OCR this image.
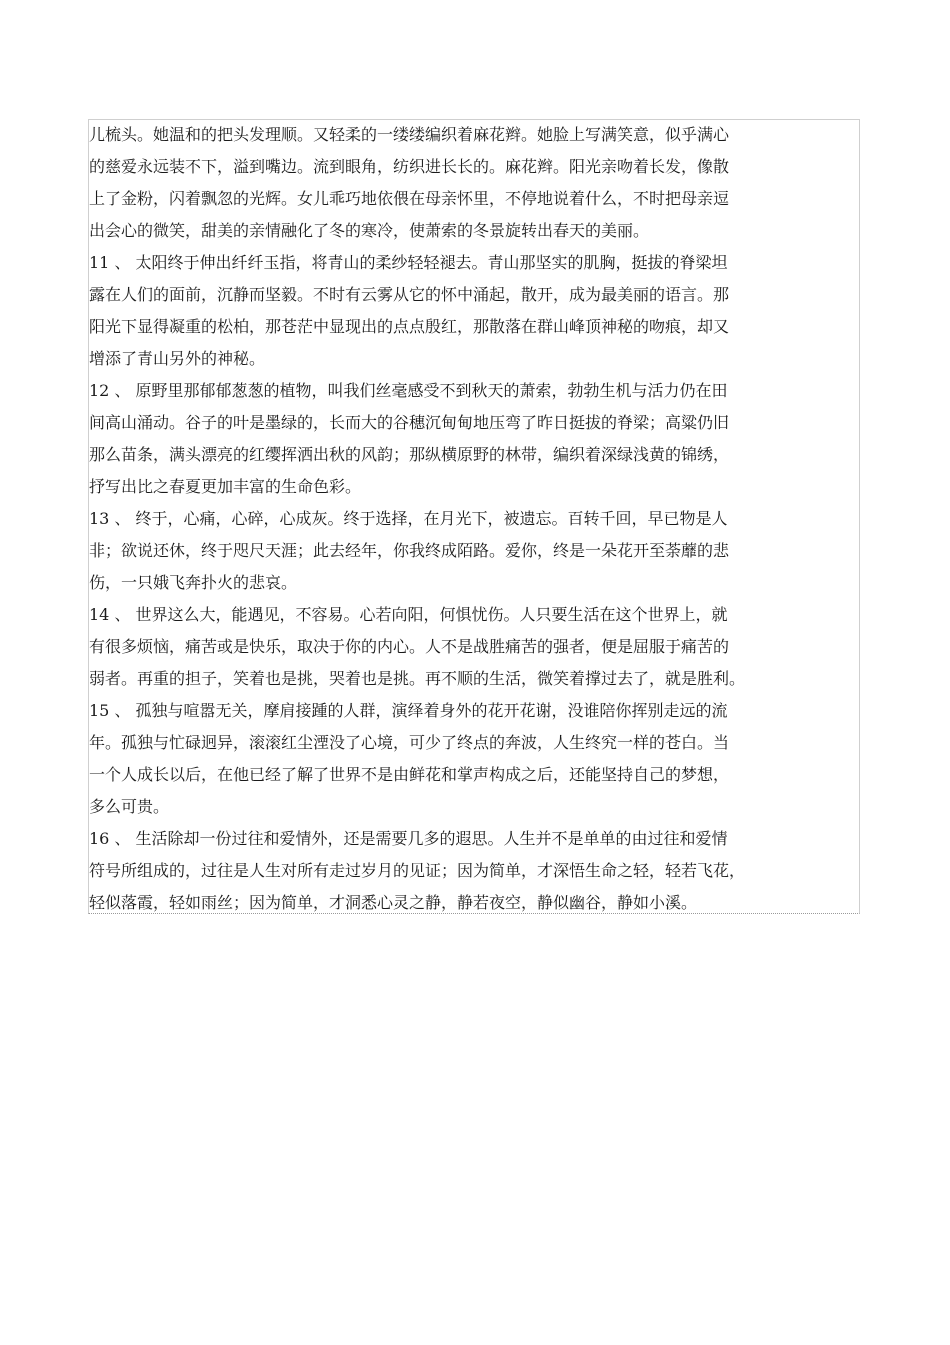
儿梳头。她温和的把头发理顺。又轻柔的一缕缕编织着麻花辫。她脸上写满笑意，似乎满心
的慈爱永远装不下，溢到嘴边。流到眼角，纺织进长长的。麻花辫。阳光亲吻着长发，像散
上了金粉，闪着飘忽的光辉。女儿乖巧地依偎在母亲怀里，不停地说着什么，不时把母亲逗
出会心的微笑，甜美的亲情融化了冬的寒冷，使萧索的冬景旋转出春天的美丽。
11 、 太阳终于伸出纤纤玉指，将青山的柔纱轻轻褪去。青山那坚实的肌胸，挺拔的脊梁坦
露在人们的面前，沉静而坚毅。不时有云雾从它的怀中涌起，散开，成为最美丽的语言。那
阳光下显得凝重的松柏，那苍茫中显现出的点点殷红，那散落在群山峰顶神秘的吻痕，却又
增添了青山另外的神秘。
12 、 原野里那郁郁葱葱的植物，叫我们丝毫感受不到秋天的萧索，勃勃生机与活力仍在田
间高山涌动。谷子的叶是墨绿的，长而大的谷穗沉甸甸地压弯了昨日挺拔的脊梁；高粱仍旧
那么苗条，满头漂亮的红缨挥洒出秋的风韵；那纵横原野的林带，编织着深绿浅黄的锦绣，
抒写出比之春夏更加丰富的生命色彩。
13 、 终于，心痛，心碎，心成灰。终于选择，在月光下，被遗忘。百转千回，早已物是人
非；欲说还休，终于咫尺天涯；此去经年，你我终成陌路。爱你，终是一朵花开至荼蘼的悲
伤，一只娥飞奔扑火的悲哀。
14 、 世界这么大，能遇见，不容易。心若向阳，何惧忧伤。人只要生活在这个世界上，就
有很多烦恼，痛苦或是快乐，取决于你的内心。人不是战胜痛苦的强者，便是屈服于痛苦的
弱者。再重的担子，笑着也是挑，哭着也是挑。再不顺的生活，微笑着撑过去了，就是胜利。
15 、 孤独与喧嚣无关，摩肩接踵的人群，演绎着身外的花开花谢，没谁陪你挥别走远的流
年。孤独与忙碌迥异，滚滚红尘湮没了心境，可少了终点的奔波，人生终究一样的苍白。当
一个人成长以后，在他已经了解了世界不是由鲜花和掌声构成之后，还能坚持自己的梦想，
多么可贵。
16 、 生活除却一份过往和爱情外，还是需要几多的遐思。人生并不是单单的由过往和爱情
符号所组成的，过往是人生对所有走过岁月的见证；因为简单，才深悟生命之轻，轻若飞花，
轻似落霞，轻如雨丝；因为简单，才洞悉心灵之静，静若夜空，静似幽谷，静如小溪。
